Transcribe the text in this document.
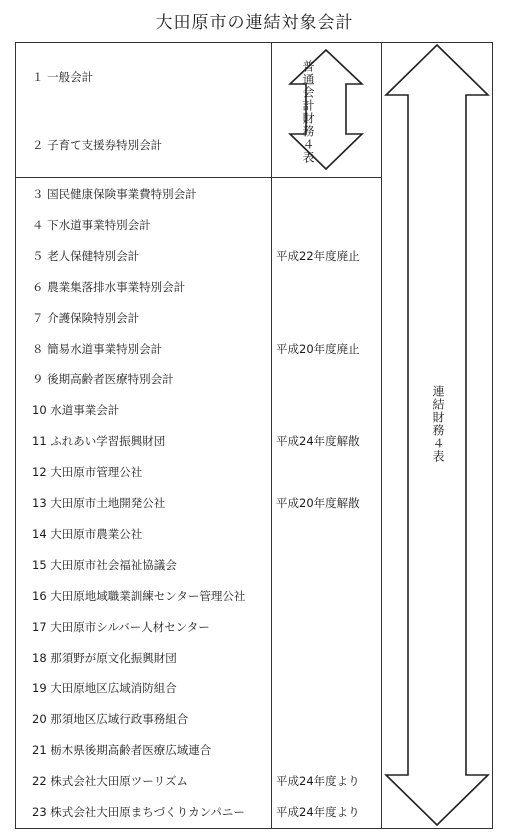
大田原市の連結対象会計
１ 一般会計
２ 子育て支援券特別会計
３ 国民健康保険事業費特別会計
４ 下水道事業特別会計
５ 老人保健特別会計	平成22年度廃止
６ 農業集落排水事業特別会計
７ 介護保険特別会計
８ 簡易水道事業特別会計	平成20年度廃止
９ 後期高齢者医療特別会計
10 水道事業会計
11 ふれあい学習振興財団	平成24年度解散
12 大田原市管理公社
13 大田原市土地開発公社	平成20年度解散
14 大田原市農業公社
15 大田原市社会福祉協議会
16 大田原地域職業訓練センター管理公社
17 大田原市シルバー人材センター
18 那須野が原文化振興財団
19 大田原地区広域消防組合
20 那須地区広域行政事務組合
21 栃木県後期高齢者医療広域連合
22 株式会社大田原ツーリズム	平成24年度より
23 株式会社大田原まちづくりカンパニー	平成24年度より
普通会計財務４表
連結財務４表
